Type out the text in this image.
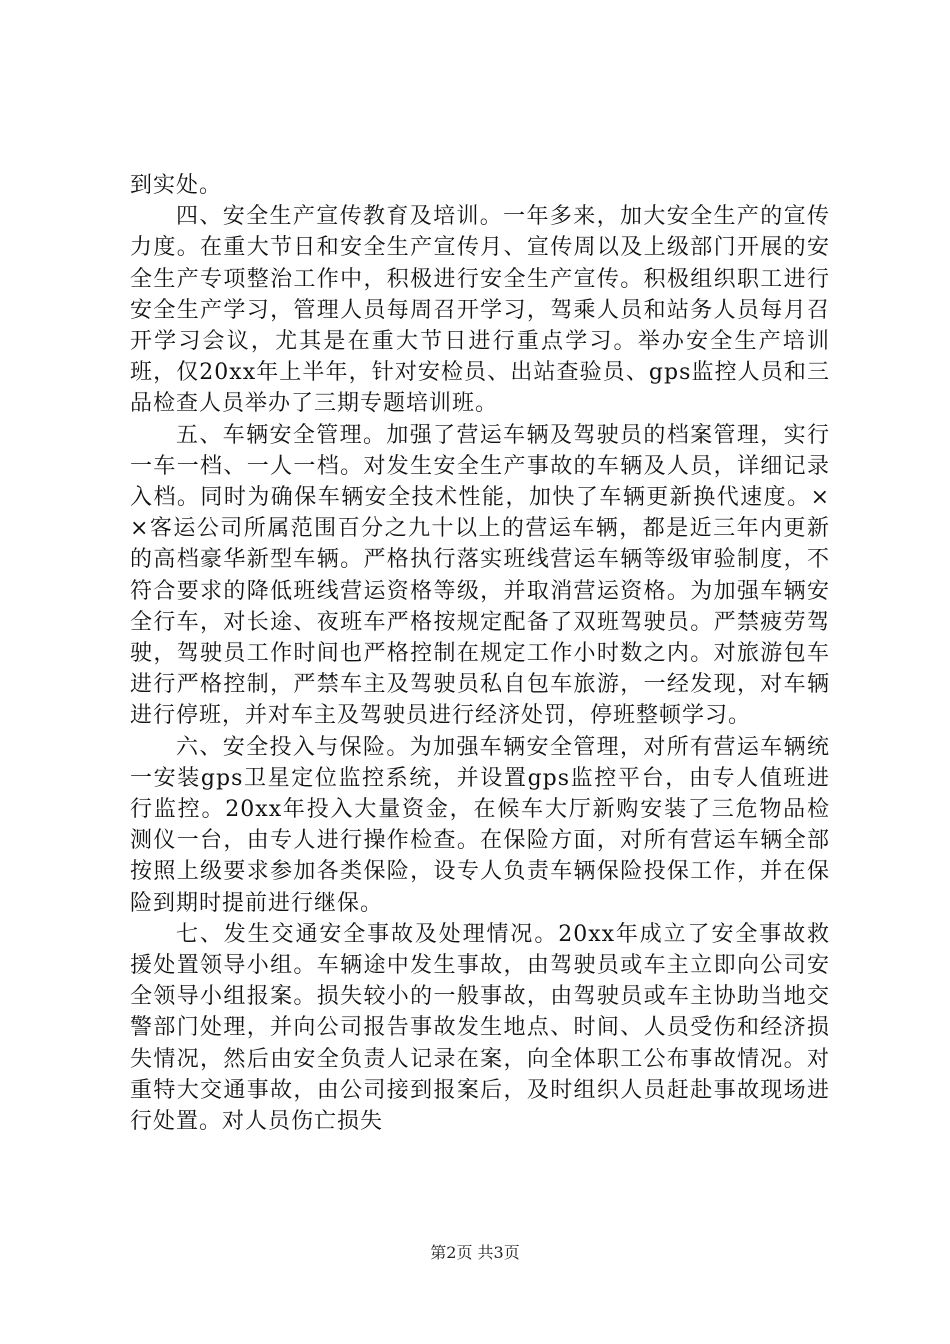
到实处。

四、安全生产宣传教育及培训。一年多来，加大安全生产的宣传力度。在重大节日和安全生产宣传月、宣传周以及上级部门开展的安全生产专项整治工作中，积极进行安全生产宣传。积极组织职工进行安全生产学习，管理人员每周召开学习，驾乘人员和站务人员每月召开学习会议，尤其是在重大节日进行重点学习。举办安全生产培训班，仅20xx年上半年，针对安检员、出站查验员、gps监控人员和三品检查人员举办了三期专题培训班。

五、车辆安全管理。加强了营运车辆及驾驶员的档案管理，实行一车一档、一人一档。对发生安全生产事故的车辆及人员，详细记录入档。同时为确保车辆安全技术性能，加快了车辆更新换代速度。××客运公司所属范围百分之九十以上的营运车辆，都是近三年内更新的高档豪华新型车辆。严格执行落实班线营运车辆等级审验制度，不符合要求的降低班线营运资格等级，并取消营运资格。为加强车辆安全行车，对长途、夜班车严格按规定配备了双班驾驶员。严禁疲劳驾驶，驾驶员工作时间也严格控制在规定工作小时数之内。对旅游包车进行严格控制，严禁车主及驾驶员私自包车旅游，一经发现，对车辆进行停班，并对车主及驾驶员进行经济处罚，停班整顿学习。

六、安全投入与保险。为加强车辆安全管理，对所有营运车辆统一安装gps卫星定位监控系统，并设置gps监控平台，由专人值班进行监控。20xx年投入大量资金，在候车大厅新购安装了三危物品检测仪一台，由专人进行操作检查。在保险方面，对所有营运车辆全部按照上级要求参加各类保险，设专人负责车辆保险投保工作，并在保险到期时提前进行继保。

七、发生交通安全事故及处理情况。20xx年成立了安全事故救援处置领导小组。车辆途中发生事故，由驾驶员或车主立即向公司安全领导小组报案。损失较小的一般事故，由驾驶员或车主协助当地交警部门处理，并向公司报告事故发生地点、时间、人员受伤和经济损失情况，然后由安全负责人记录在案，向全体职工公布事故情况。对重特大交通事故，由公司接到报案后，及时组织人员赶赴事故现场进行处置。对人员伤亡损失

第2页 共3页
